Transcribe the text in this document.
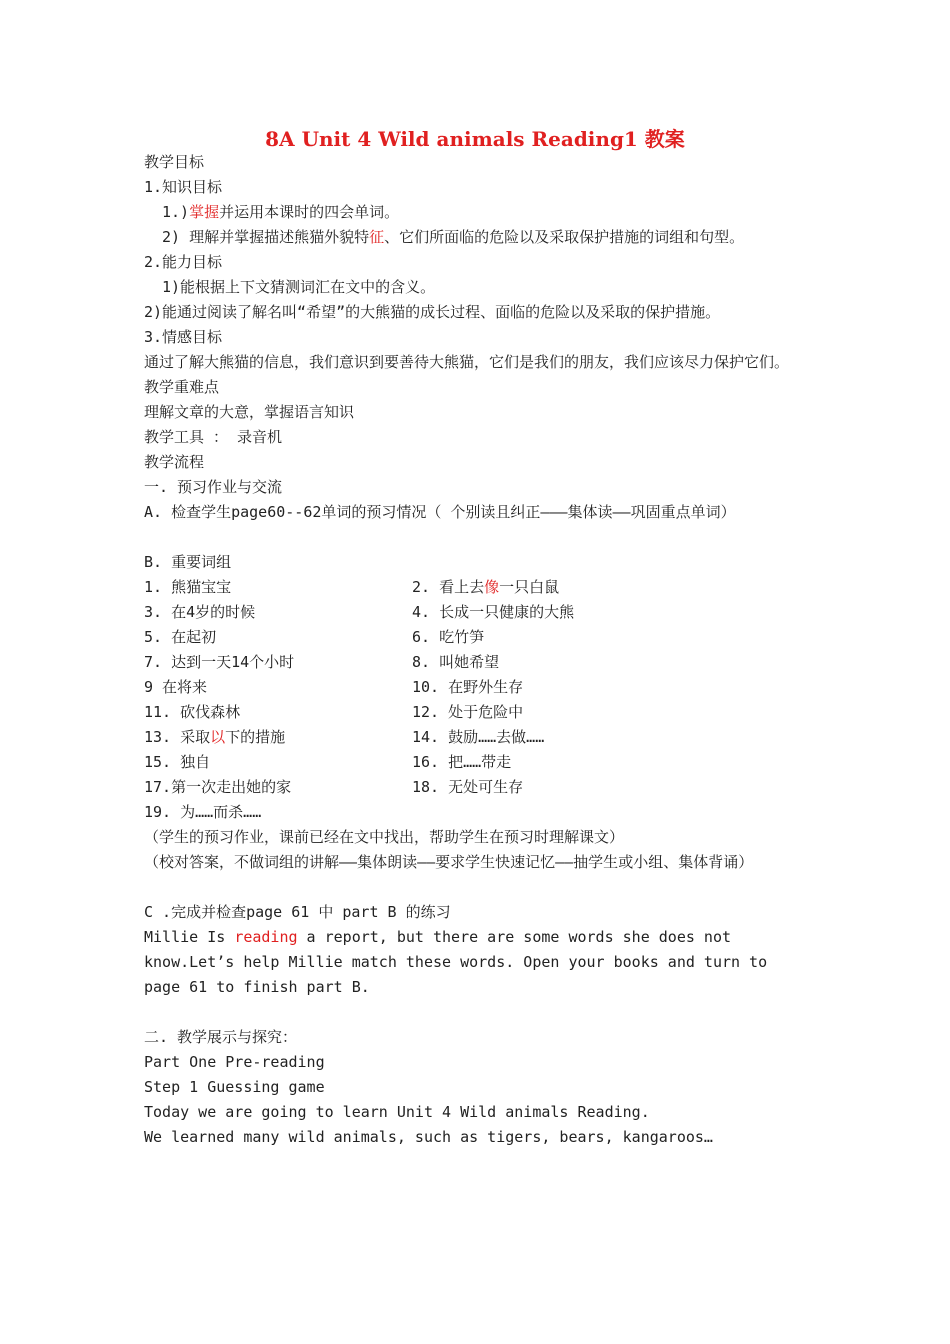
8A Unit 4 Wild animals Reading1 教案
教学目标
1.知识目标
1.)掌握并运用本课时的四会单词。
2) 理解并掌握描述熊猫外貌特征、它们所面临的危险以及采取保护措施的词组和句型。
2.能力目标
1)能根据上下文猜测词汇在文中的含义。
2)能通过阅读了解名叫“希望”的大熊猫的成长过程、面临的危险以及采取的保护措施。
3.情感目标
通过了解大熊猫的信息，我们意识到要善待大熊猫，它们是我们的朋友，我们应该尽力保护它们。
教学重难点
理解文章的大意，掌握语言知识
教学工具 ： 录音机
教学流程
一. 预习作业与交流
A. 检查学生page60--62单词的预习情况（ 个别读且纠正———集体读——巩固重点单词）
B. 重要词组
1. 熊猫宝宝	2. 看上去像一只白鼠
3. 在4岁的时候	4. 长成一只健康的大熊
5. 在起初	6. 吃竹笋
7. 达到一天14个小时	8. 叫她希望
9 在将来	10. 在野外生存
11. 砍伐森林	12. 处于危险中
13. 采取以下的措施	14. 鼓励……去做……
15. 独自	16. 把……带走
17.第一次走出她的家	18. 无处可生存
19. 为……而杀……
（学生的预习作业，课前已经在文中找出，帮助学生在预习时理解课文）
（校对答案，不做词组的讲解——集体朗读——要求学生快速记忆——抽学生或小组、集体背诵）
C .完成并检查page 61 中 part B 的练习
Millie Is reading a report, but there are some words she does not know.Let’s help Millie match these words. Open your books and turn to page 61 to finish part B.
二. 教学展示与探究：
Part One Pre-reading
Step 1 Guessing game
Today we are going to learn Unit 4 Wild animals Reading.
We learned many wild animals, such as tigers, bears, kangaroos…
